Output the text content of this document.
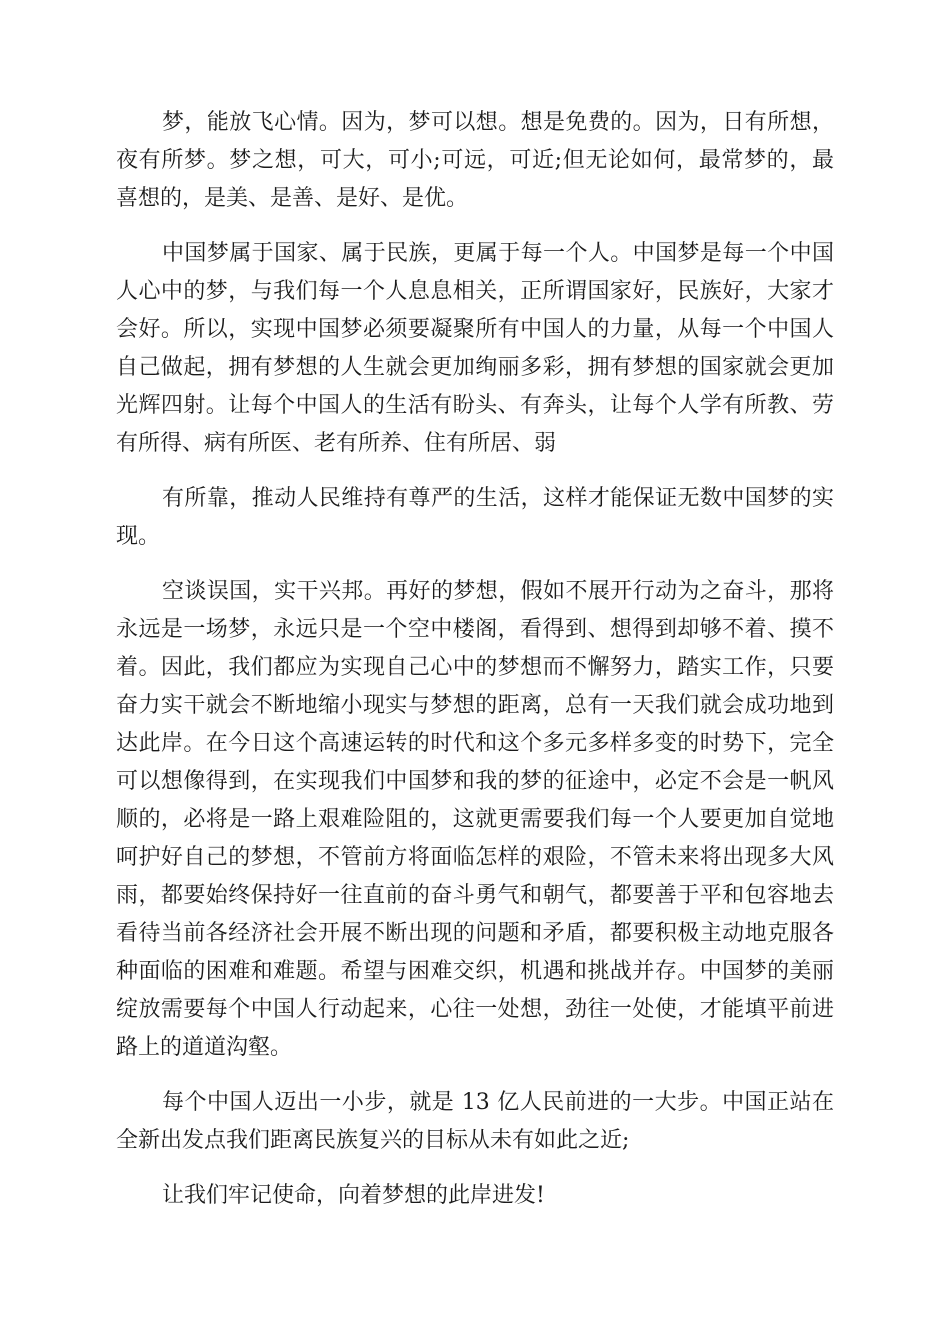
梦，能放飞心情。因为，梦可以想。想是免费的。因为，日有所想，夜有所梦。梦之想，可大，可小;可远，可近;但无论如何，最常梦的，最喜想的，是美、是善、是好、是优。

中国梦属于国家、属于民族，更属于每一个人。中国梦是每一个中国人心中的梦，与我们每一个人息息相关，正所谓国家好，民族好，大家才会好。所以，实现中国梦必须要凝聚所有中国人的力量，从每一个中国人自己做起，拥有梦想的人生就会更加绚丽多彩，拥有梦想的国家就会更加光辉四射。让每个中国人的生活有盼头、有奔头，让每个人学有所教、劳有所得、病有所医、老有所养、住有所居、弱

有所靠，推动人民维持有尊严的生活，这样才能保证无数中国梦的实现。

空谈误国，实干兴邦。再好的梦想，假如不展开行动为之奋斗，那将永远是一场梦，永远只是一个空中楼阁，看得到、想得到却够不着、摸不着。因此，我们都应为实现自己心中的梦想而不懈努力，踏实工作，只要奋力实干就会不断地缩小现实与梦想的距离，总有一天我们就会成功地到达此岸。在今日这个高速运转的时代和这个多元多样多变的时势下，完全可以想像得到，在实现我们中国梦和我的梦的征途中，必定不会是一帆风顺的，必将是一路上艰难险阻的，这就更需要我们每一个人要更加自觉地呵护好自己的梦想，不管前方将面临怎样的艰险，不管未来将出现多大风雨，都要始终保持好一往直前的奋斗勇气和朝气，都要善于平和包容地去看待当前各经济社会开展不断出现的问题和矛盾，都要积极主动地克服各种面临的困难和难题。希望与困难交织，机遇和挑战并存。中国梦的美丽绽放需要每个中国人行动起来，心往一处想，劲往一处使，才能填平前进路上的道道沟壑。

每个中国人迈出一小步，就是 13 亿人民前进的一大步。中国正站在全新出发点我们距离民族复兴的目标从未有如此之近;

让我们牢记使命，向着梦想的此岸进发!
